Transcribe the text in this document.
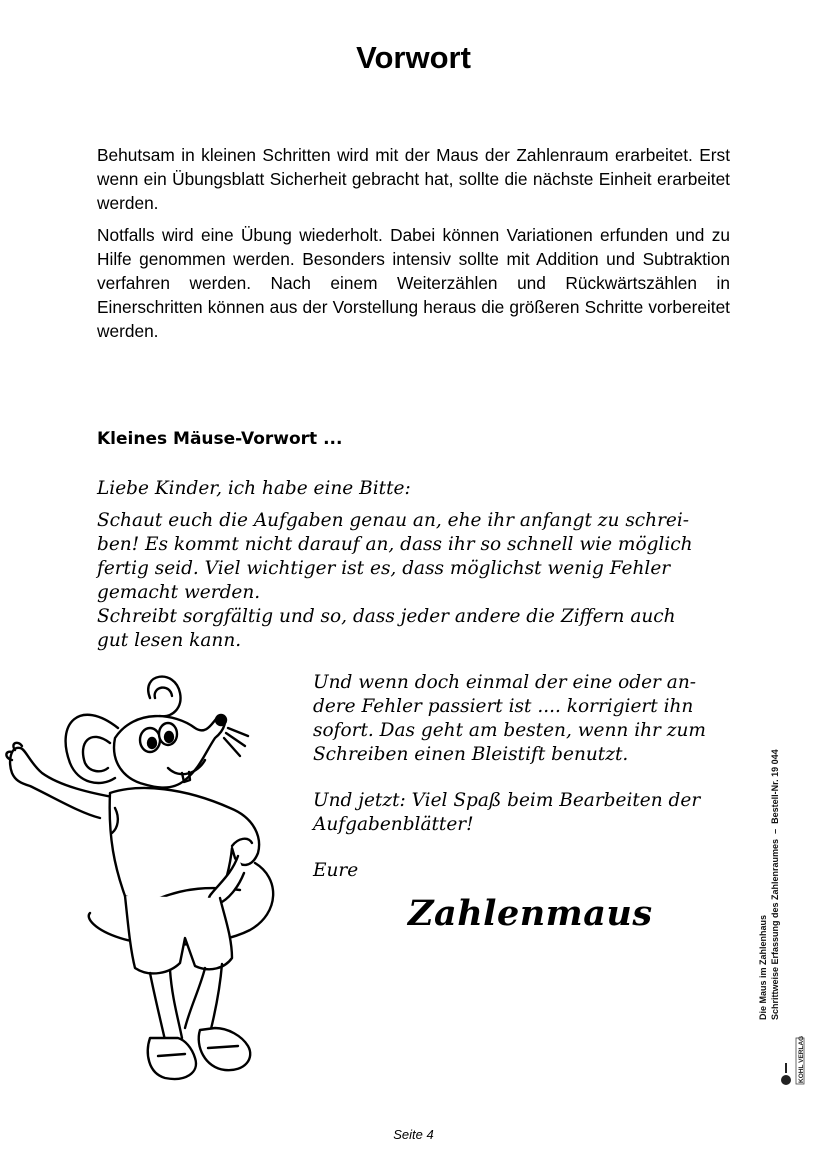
Vorwort

Behutsam in kleinen Schritten wird mit der Maus der Zahlenraum erarbeitet. Erst wenn ein Übungsblatt Sicherheit gebracht hat, sollte die nächste Einheit erarbeitet werden.

Notfalls wird eine Übung wiederholt. Dabei können Variationen erfunden und zu Hilfe genommen werden. Besonders intensiv sollte mit Addition und Subtraktion verfahren werden. Nach einem Weiterzählen und Rückwärtszählen in Einerschritten können aus der Vorstellung heraus die größeren Schritte vorbereitet werden.

Kleines Mäuse-Vorwort ...
Liebe Kinder, ich habe eine Bitte:
Schaut euch die Aufgaben genau an, ehe ihr anfangt zu schrei-
ben! Es kommt nicht darauf an, dass ihr so schnell wie möglich
fertig seid. Viel wichtiger ist es, dass möglichst wenig Fehler
gemacht werden.
Schreibt sorgfältig und so, dass jeder andere die Ziffern auch
gut lesen kann.
Und wenn doch einmal der eine oder an-
dere Fehler passiert ist .... korrigiert ihn
sofort. Das geht am besten, wenn ihr zum
Schreiben einen Bleistift benutzt.
Und jetzt: Viel Spaß beim Bearbeiten der
Aufgabenblätter!
Eure
Zahlenmaus
Die Maus im Zahlenhaus Schrittweise Erfassung des Zahlenraumes  –  Bestell-Nr. 19 044
KOHL VERLAG
Seite 4
